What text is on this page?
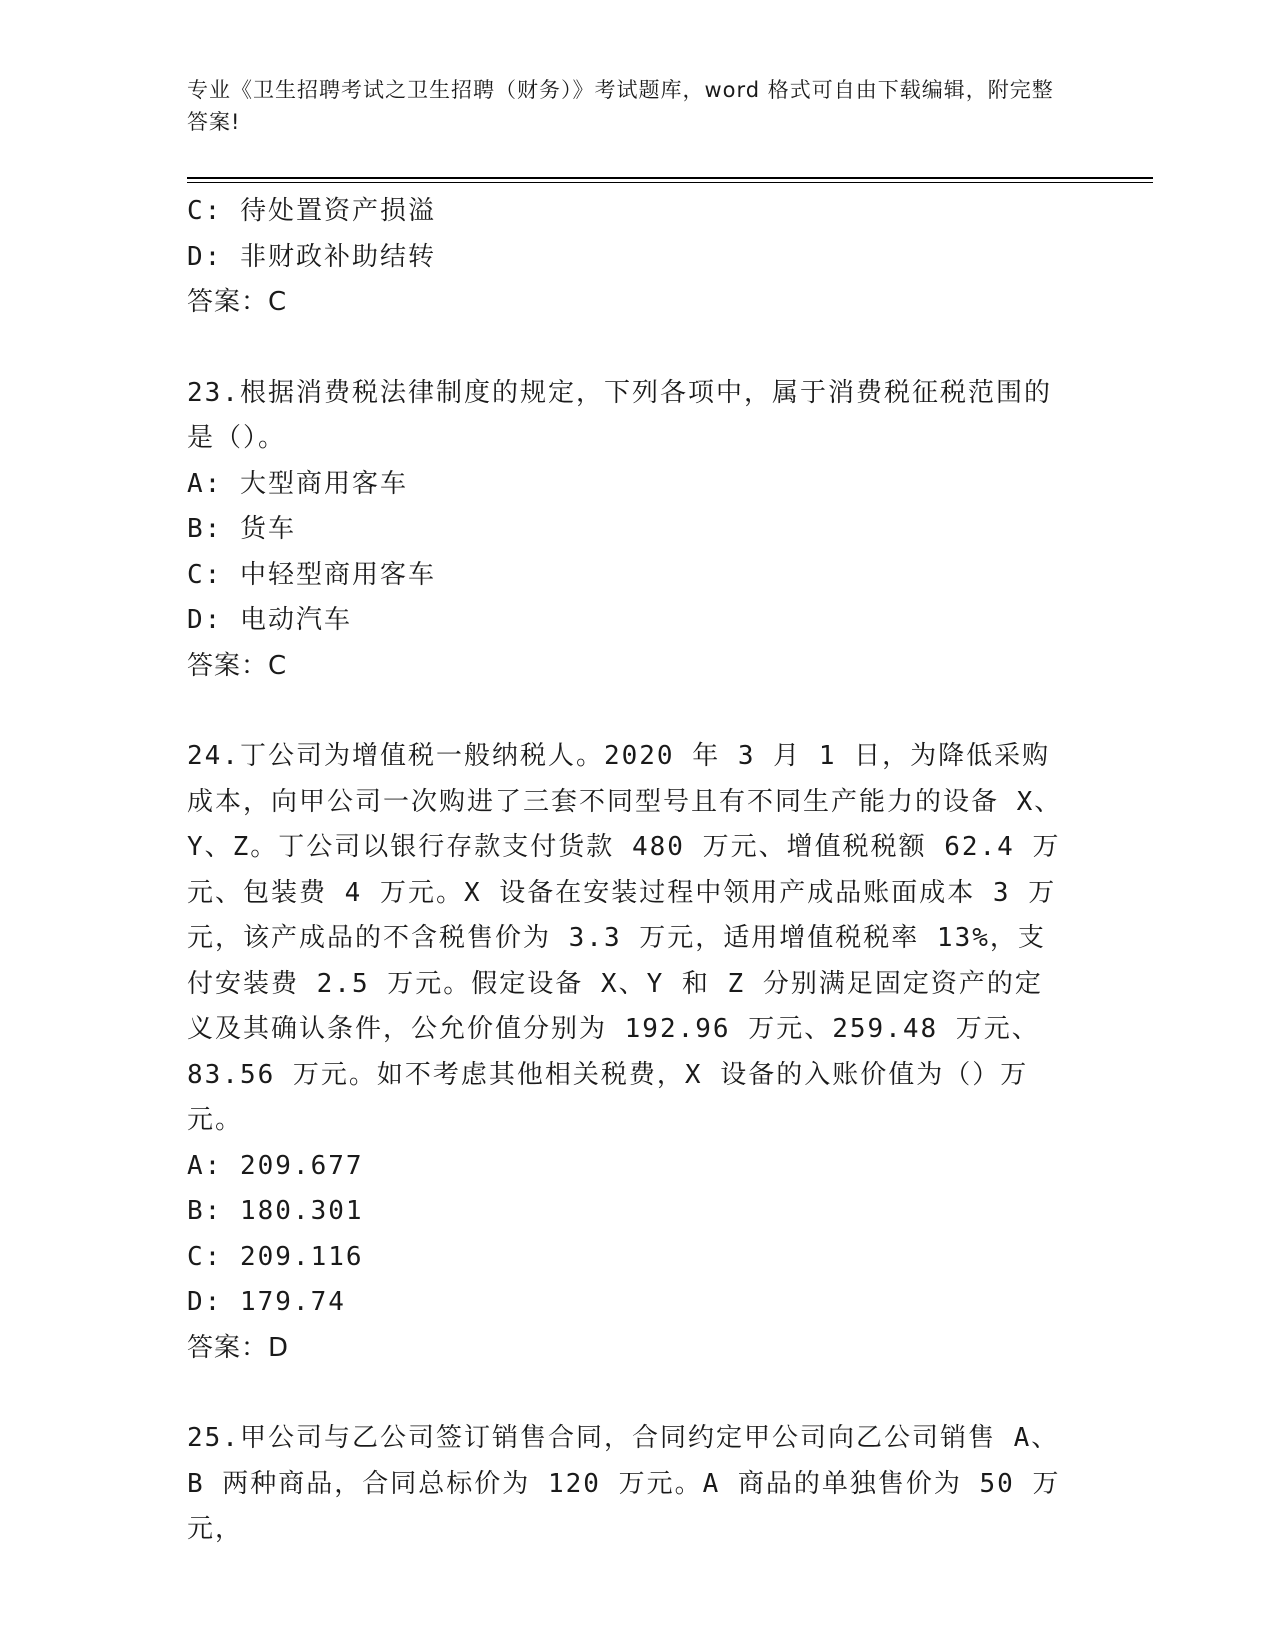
专业《卫生招聘考试之卫生招聘（财务）》考试题库，word 格式可自由下载编辑，附完整答案!
C: 待处置资产损溢
D: 非财政补助结转
答案：C
23.根据消费税法律制度的规定，下列各项中，属于消费税征税范围的是（）。
A: 大型商用客车
B: 货车
C: 中轻型商用客车
D: 电动汽车
答案：C
24.丁公司为增值税一般纳税人。2020 年 3 月 1 日，为降低采购成本，向甲公司一次购进了三套不同型号且有不同生产能力的设备 X、Y、Z。丁公司以银行存款支付货款 480 万元、增值税税额 62.4 万元、包装费 4 万元。X 设备在安装过程中领用产成品账面成本 3 万元，该产成品的不含税售价为 3.3 万元，适用增值税税率 13%，支付安装费 2.5 万元。假定设备 X、Y 和 Z 分别满足固定资产的定义及其确认条件，公允价值分别为 192.96 万元、259.48 万元、83.56 万元。如不考虑其他相关税费，X 设备的入账价值为（）万元。
A: 209.677
B: 180.301
C: 209.116
D: 179.74
答案：D
25.甲公司与乙公司签订销售合同，合同约定甲公司向乙公司销售 A、B 两种商品，合同总标价为 120 万元。A 商品的单独售价为 50 万元，
